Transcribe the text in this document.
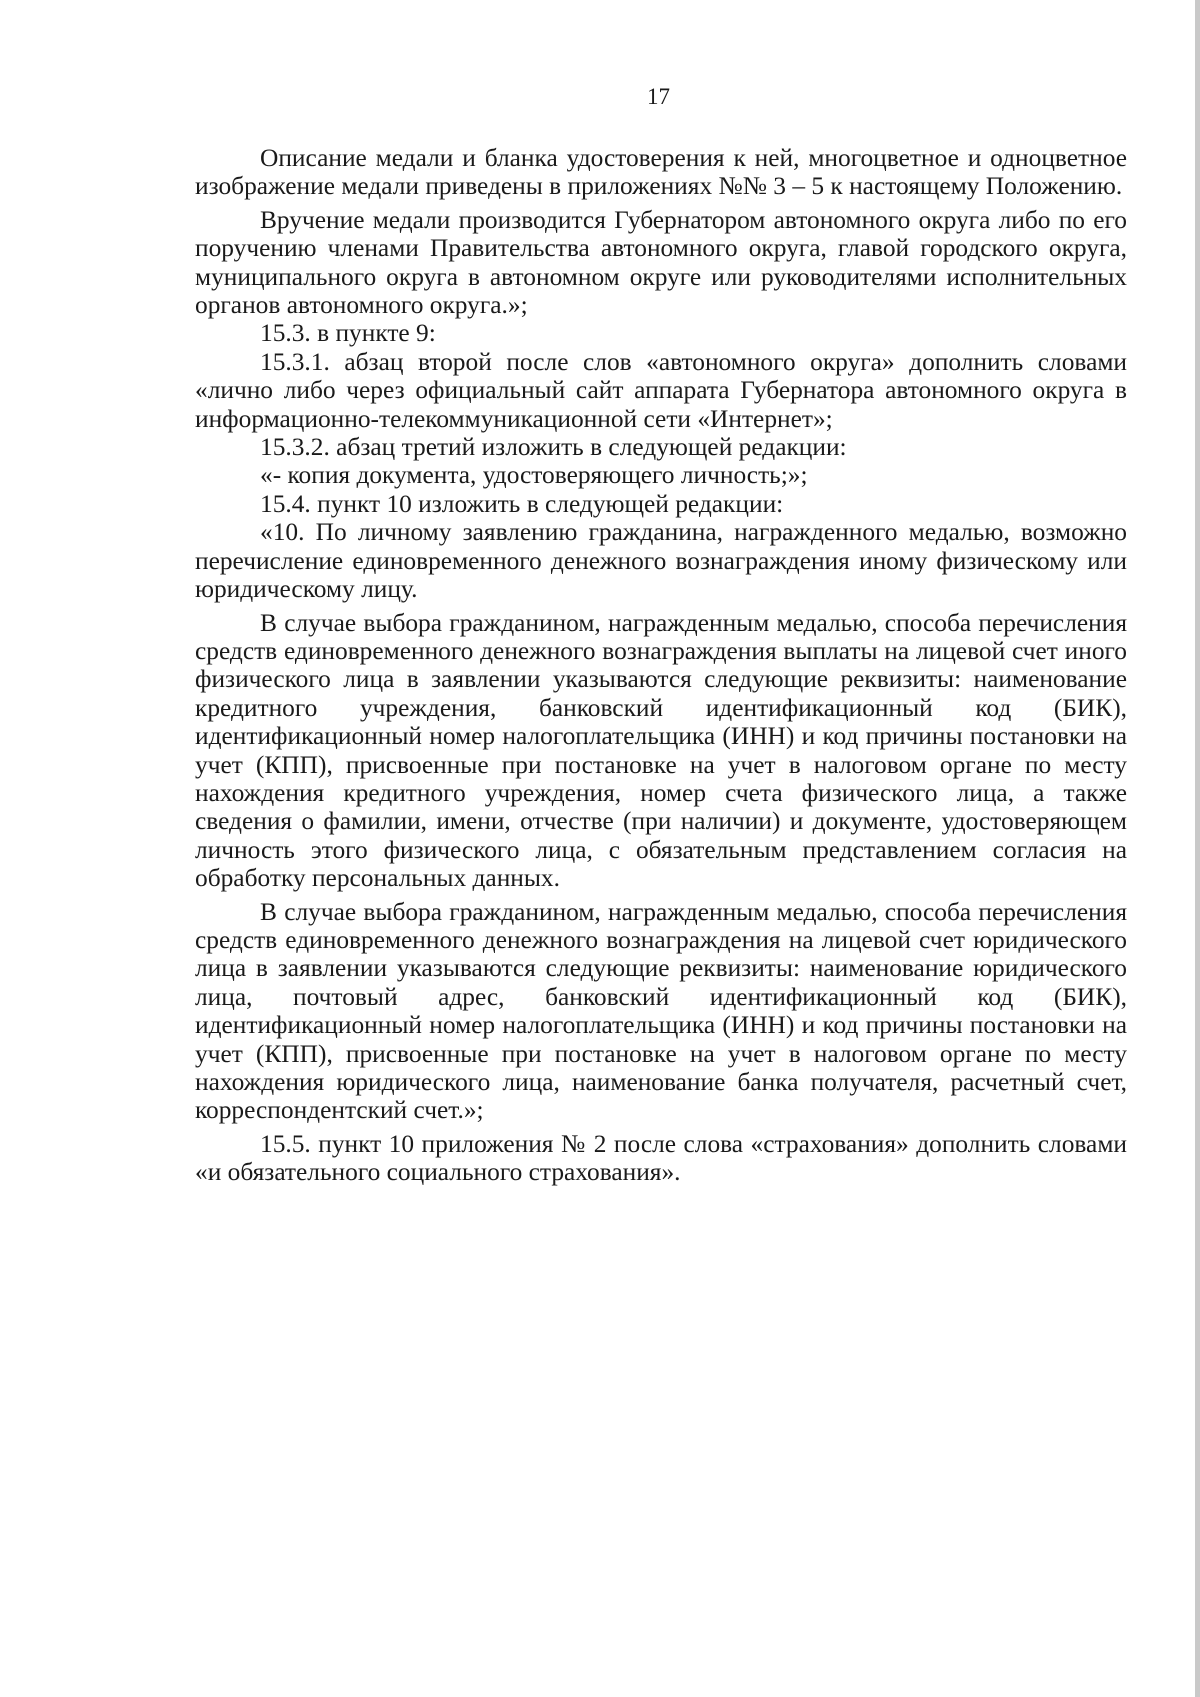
17

Описание медали и бланка удостоверения к ней, многоцветное и одноцветное изображение медали приведены в приложениях №№ 3 – 5 к настоящему Положению.

Вручение медали производится Губернатором автономного округа либо по его поручению членами Правительства автономного округа, главой городского округа, муниципального округа в автономном округе или руководителями исполнительных органов автономного округа.»;

15.3. в пункте 9:

15.3.1. абзац второй после слов «автономного округа» дополнить словами «лично либо через официальный сайт аппарата Губернатора автономного округа в информационно-телекоммуникационной сети «Интернет»;

15.3.2. абзац третий изложить в следующей редакции:

«- копия документа, удостоверяющего личность;»;

15.4. пункт 10 изложить в следующей редакции:

«10. По личному заявлению гражданина, награжденного медалью, возможно перечисление единовременного денежного вознаграждения иному физическому или юридическому лицу.

В случае выбора гражданином, награжденным медалью, способа перечисления средств единовременного денежного вознаграждения выплаты на лицевой счет иного физического лица в заявлении указываются следующие реквизиты: наименование кредитного учреждения, банковский идентификационный код (БИК), идентификационный номер налогоплательщика (ИНН) и код причины постановки на учет (КПП), присвоенные при постановке на учет в налоговом органе по месту нахождения кредитного учреждения, номер счета физического лица, а также сведения о фамилии, имени, отчестве (при наличии) и документе, удостоверяющем личность этого физического лица, с обязательным представлением согласия на обработку персональных данных.

В случае выбора гражданином, награжденным медалью, способа перечисления средств единовременного денежного вознаграждения на лицевой счет юридического лица в заявлении указываются следующие реквизиты: наименование юридического лица, почтовый адрес, банковский идентификационный код (БИК), идентификационный номер налогоплательщика (ИНН) и код причины постановки на учет (КПП), присвоенные при постановке на учет в налоговом органе по месту нахождения юридического лица, наименование банка получателя, расчетный счет, корреспондентский счет.»;

15.5. пункт 10 приложения № 2 после слова «страхования» дополнить словами «и обязательного социального страхования».
